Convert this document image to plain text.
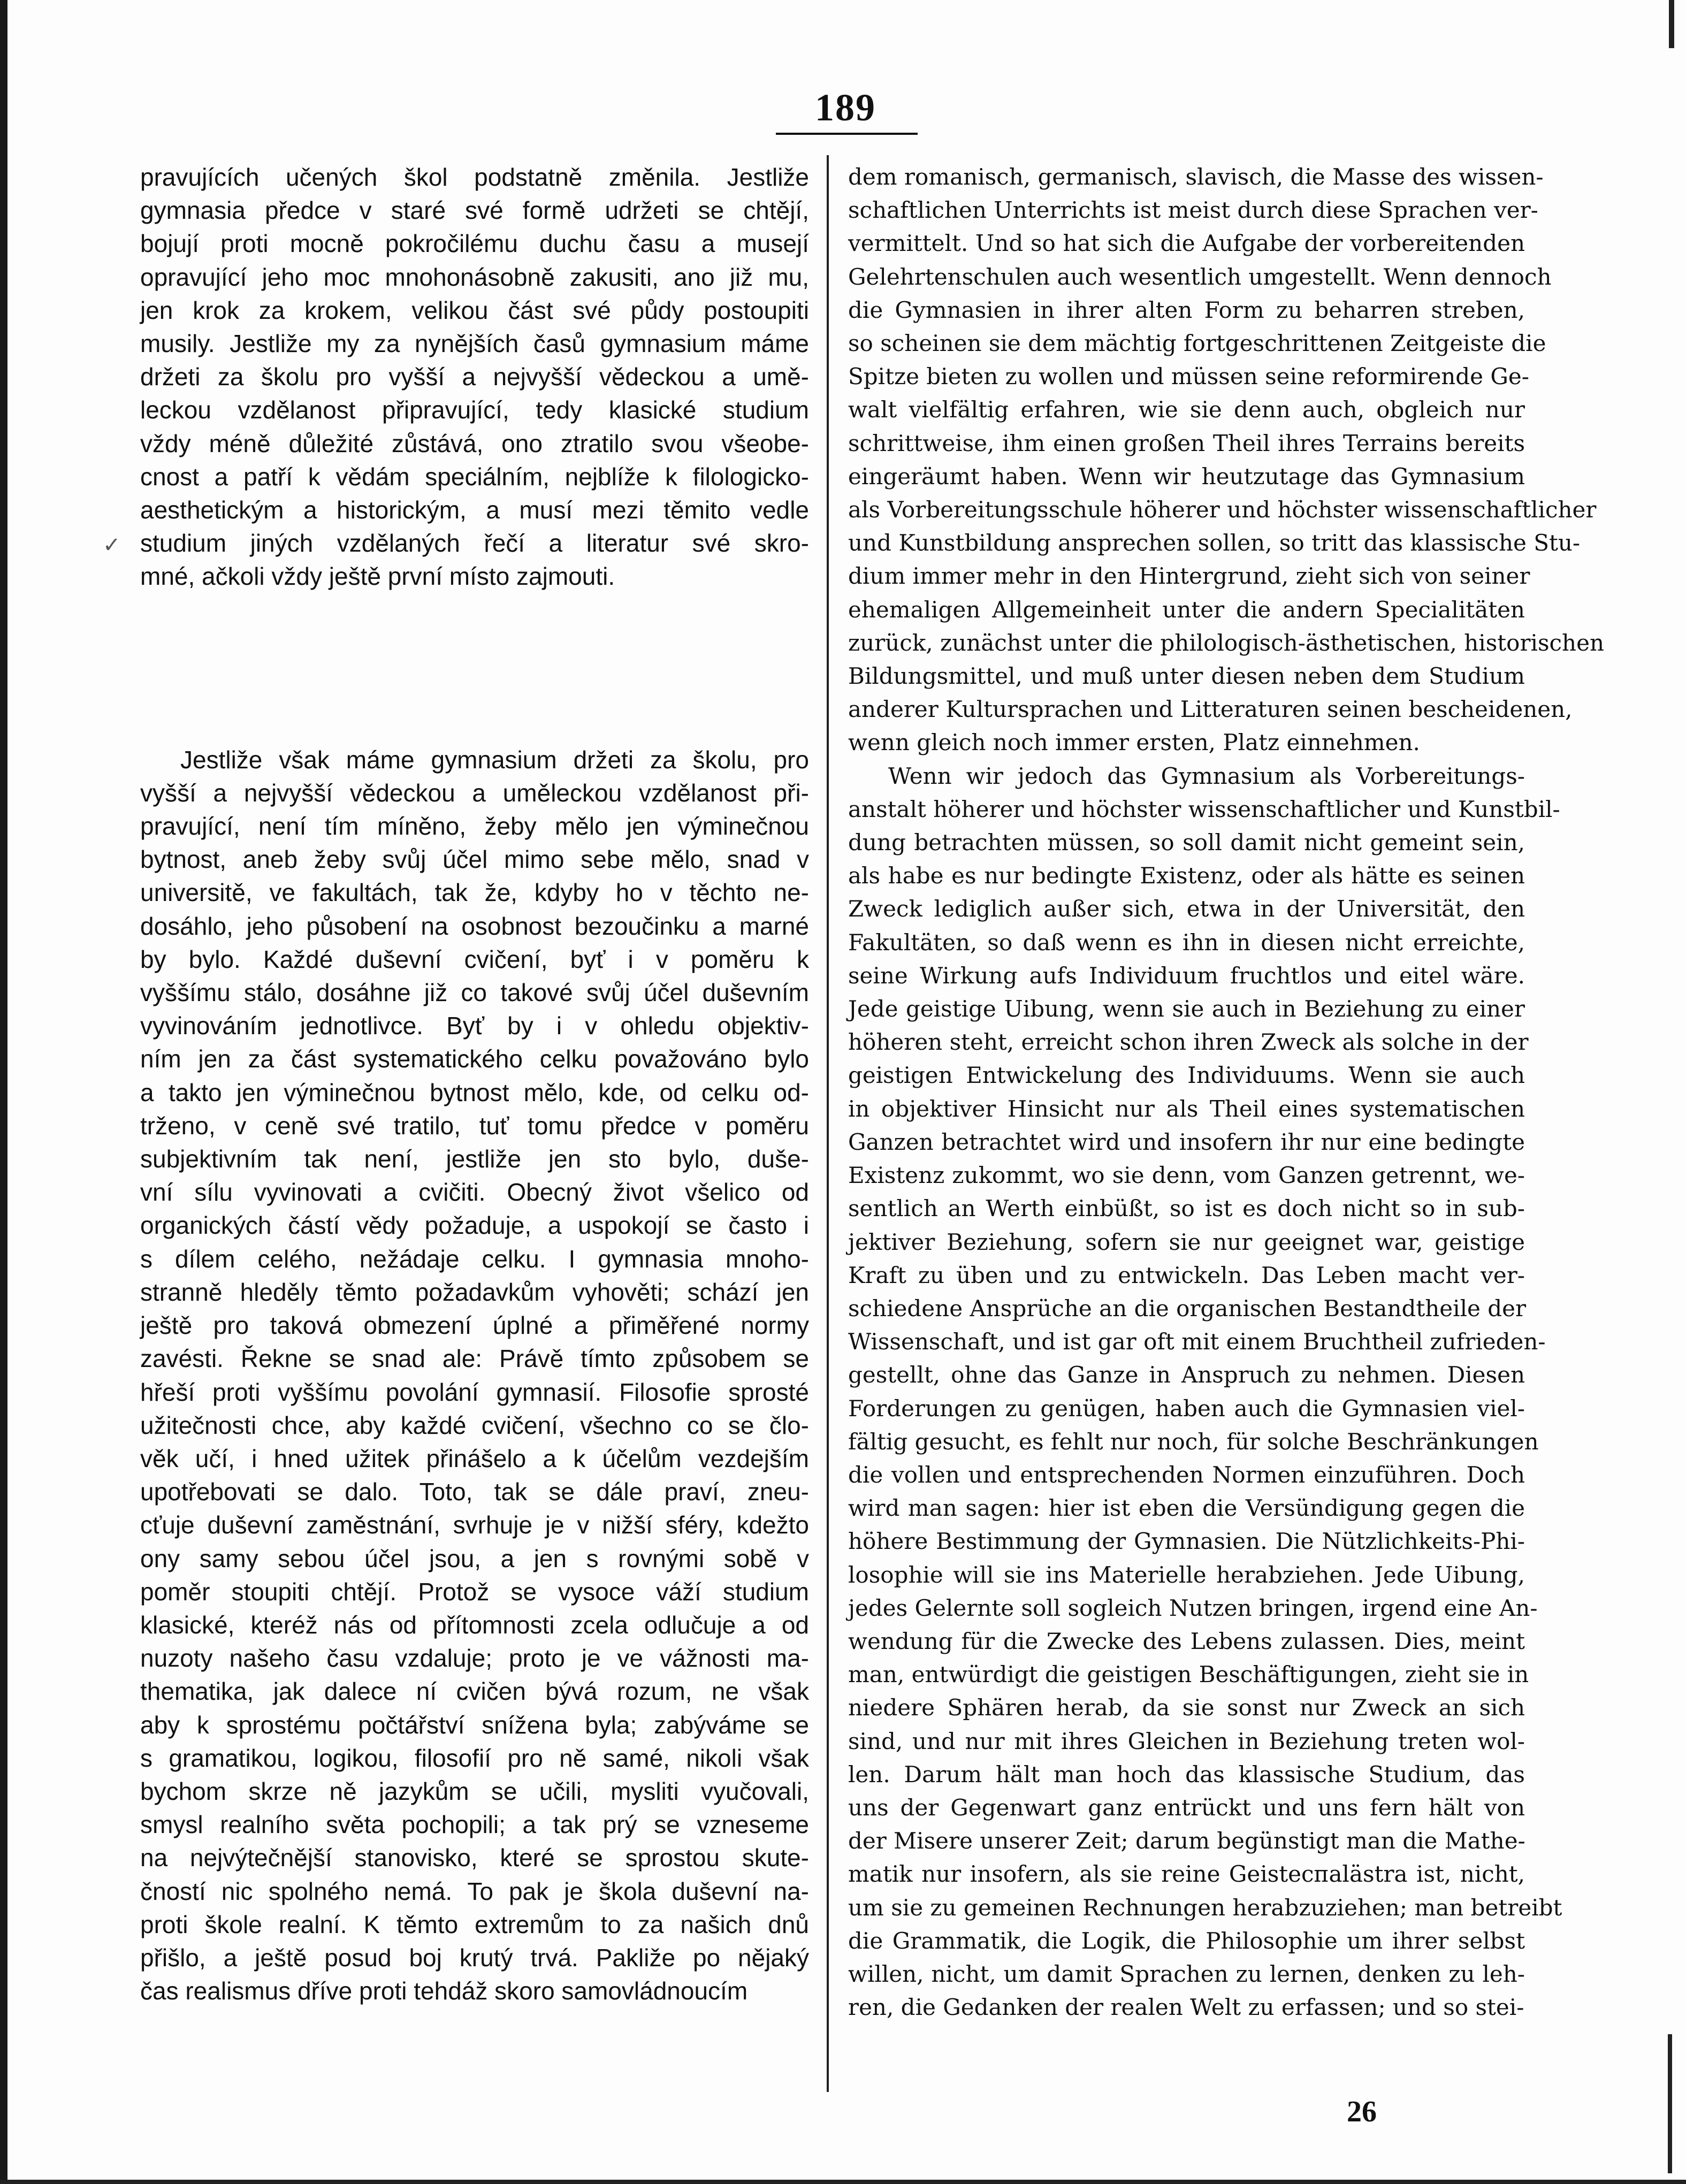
189
✓
pravujících učených škol podstatně změnila. Jestliže
gymnasia předce v staré své formě udržeti se chtějí,
bojují proti mocně pokročilému duchu času a musejí
opravující jeho moc mnohonásobně zakusiti, ano již mu,
jen krok za krokem, velikou část své půdy postoupiti
musily. Jestliže my za nynějších časů gymnasium máme
držeti za školu pro vyšší a nejvyšší vědeckou a umě-
leckou vzdělanost připravující, tedy klasické studium
vždy méně důležité zůstává, ono ztratilo svou všeobe-
cnost a patří k vědám speciálním, nejblíže k filologicko-
aesthetickým a historickým, a musí mezi těmito vedle
studium jiných vzdělaných řečí a literatur své skro-
mné, ačkoli vždy ještě první místo zajmouti.
Jestliže však máme gymnasium držeti za školu, pro
vyšší a nejvyšší vědeckou a uměleckou vzdělanost při-
pravující, není tím míněno, žeby mělo jen výminečnou
bytnost, aneb žeby svůj účel mimo sebe mělo, snad v
universitě, ve fakultách, tak že, kdyby ho v těchto ne-
dosáhlo, jeho působení na osobnost bezoučinku a marné
by bylo. Každé duševní cvičení, byť i v poměru k
vyššímu stálo, dosáhne již co takové svůj účel duševním
vyvinováním jednotlivce. Byť by i v ohledu objektiv-
ním jen za část systematického celku považováno bylo
a takto jen výminečnou bytnost mělo, kde, od celku od-
trženo, v ceně své tratilo, tuť tomu předce v poměru
subjektivním tak není, jestliže jen sto bylo, duše-
vní sílu vyvinovati a cvičiti. Obecný život všelico od
organických částí vědy požaduje, a uspokojí se často i
s dílem celého, nežádaje celku. I gymnasia mnoho-
stranně hleděly těmto požadavkům vyhověti; schází jen
ještě pro taková obmezení úplné a přiměřené normy
zavésti. Řekne se snad ale: Právě tímto způsobem se
hřeší proti vyššímu povolání gymnasií. Filosofie sprosté
užitečnosti chce, aby každé cvičení, všechno co se člo-
věk učí, i hned užitek přinášelo a k účelům vezdejším
upotřebovati se dalo. Toto, tak se dále praví, zneu-
cťuje duševní zaměstnání, svrhuje je v nižší sféry, kdežto
ony samy sebou účel jsou, a jen s rovnými sobě v
poměr stoupiti chtějí. Protož se vysoce váží studium
klasické, kteréž nás od přítomnosti zcela odlučuje a od
nuzoty našeho času vzdaluje; proto je ve vážnosti ma-
thematika, jak dalece ní cvičen bývá rozum, ne však
aby k sprostému počtářství snížena byla; zabýváme se
s gramatikou, logikou, filosofií pro ně samé, nikoli však
bychom skrze ně jazykům se učili, mysliti vyučovali,
smysl realního světa pochopili; a tak prý se vzneseme
na nejvýtečnější stanovisko, které se sprostou skute-
čností nic spolného nemá. To pak je škola duševní na-
proti škole realní. K těmto extremům to za našich dnů
přišlo, a ještě posud boj krutý trvá. Pakliže po nějaký
čas realismus dříve proti tehdáž skoro samovládnoucím
dem romanisch, germanisch, slavisch, die Masse des wissen-
schaftlichen Unterrichts ist meist durch diese Sprachen ver-
vermittelt. Und so hat sich die Aufgabe der vorbereitenden
Gelehrtenschulen auch wesentlich umgestellt. Wenn dennoch
die Gymnasien in ihrer alten Form zu beharren streben,
so scheinen sie dem mächtig fortgeschrittenen Zeitgeiste die
Spitze bieten zu wollen und müssen seine reformirende Ge-
walt vielfältig erfahren, wie sie denn auch, obgleich nur
schrittweise, ihm einen großen Theil ihres Terrains bereits
eingeräumt haben. Wenn wir heutzutage das Gymnasium
als Vorbereitungsschule höherer und höchster wissenschaftlicher
und Kunstbildung ansprechen sollen, so tritt das klassische Stu-
dium immer mehr in den Hintergrund, zieht sich von seiner
ehemaligen Allgemeinheit unter die andern Specialitäten
zurück, zunächst unter die philologisch-ästhetischen, historischen
Bildungsmittel, und muß unter diesen neben dem Studium
anderer Kultursprachen und Litteraturen seinen bescheidenen,
wenn gleich noch immer ersten, Platz einnehmen.
Wenn wir jedoch das Gymnasium als Vorbereitungs-
anstalt höherer und höchster wissenschaftlicher und Kunstbil-
dung betrachten müssen, so soll damit nicht gemeint sein,
als habe es nur bedingte Existenz, oder als hätte es seinen
Zweck lediglich außer sich, etwa in der Universität, den
Fakultäten, so daß wenn es ihn in diesen nicht erreichte,
seine Wirkung aufs Individuum fruchtlos und eitel wäre.
Jede geistige Uibung, wenn sie auch in Beziehung zu einer
höheren steht, erreicht schon ihren Zweck als solche in der
geistigen Entwickelung des Individuums. Wenn sie auch
in objektiver Hinsicht nur als Theil eines systematischen
Ganzen betrachtet wird und insofern ihr nur eine bedingte
Existenz zukommt, wo sie denn, vom Ganzen getrennt, we-
sentlich an Werth einbüßt, so ist es doch nicht so in sub-
jektiver Beziehung, sofern sie nur geeignet war, geistige
Kraft zu üben und zu entwickeln. Das Leben macht ver-
schiedene Ansprüche an die organischen Bestandtheile der
Wissenschaft, und ist gar oft mit einem Bruchtheil zufrieden-
gestellt, ohne das Ganze in Anspruch zu nehmen. Diesen
Forderungen zu genügen, haben auch die Gymnasien viel-
fältig gesucht, es fehlt nur noch, für solche Beschränkungen
die vollen und entsprechenden Normen einzuführen. Doch
wird man sagen: hier ist eben die Versündigung gegen die
höhere Bestimmung der Gymnasien. Die Nützlichkeits-Phi-
losophie will sie ins Materielle herabziehen. Jede Uibung,
jedes Gelernte soll sogleich Nutzen bringen, irgend eine An-
wendung für die Zwecke des Lebens zulassen. Dies, meint
man, entwürdigt die geistigen Beschäftigungen, zieht sie in
niedere Sphären herab, da sie sonst nur Zweck an sich
sind, und nur mit ihres Gleichen in Beziehung treten wol-
len. Darum hält man hoch das klassische Studium, das
uns der Gegenwart ganz entrückt und uns fern hält von
der Misere unserer Zeit; darum begünstigt man die Mathe-
matik nur insofern, als sie reine Geisteспalästra ist, nicht,
um sie zu gemeinen Rechnungen herabzuziehen; man betreibt
die Grammatik, die Logik, die Philosophie um ihrer selbst
willen, nicht, um damit Sprachen zu lernen, denken zu leh-
ren, die Gedanken der realen Welt zu erfassen; und so stei-
26
